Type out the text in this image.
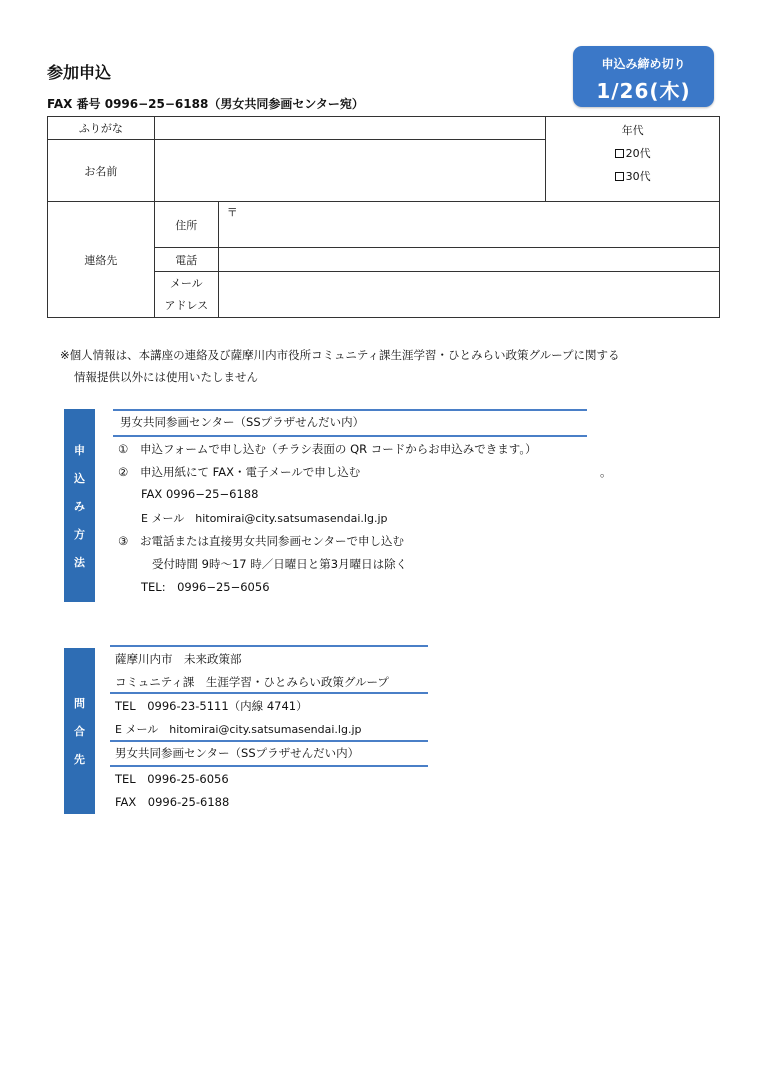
参加申込
FAX 番号 0996−25−6188（男女共同参画センター宛）
申込み締め切り
1/26(木)
ふりがな			年代
20代
30代

お名前			
連絡先	住所	〒	
	電話		

	メール
アドレス		

※個人情報は、本講座の連絡及び薩摩川内市役所コミュニティ課生涯学習・ひとみらい政策グループに関する
情報提供以外には使用いたしません
申
込
み
方
法
男女共同参画センター（SSプラザせんだい内）
① 申込フォームで申し込む（チラシ表面の QR コードからお申込みできます。）
② 申込用紙にて FAX・電子メールで申し込む	。
FAX 0996−25−6188
E メール　hitomirai@city.satsumasendai.lg.jp
③ お電話または直接男女共同参画センターで申し込む
受付時間 9時〜17 時／日曜日と第3月曜日は除く
TEL:　0996−25−6056
問
合
先
薩摩川内市　未来政策部
コミュニティ課　生涯学習・ひとみらい政策グループ
TEL　0996-23-5111（内線 4741）
E メール　hitomirai@city.satsumasendai.lg.jp
男女共同参画センター（SSプラザせんだい内）
TEL　0996-25-6056
FAX　0996-25-6188
